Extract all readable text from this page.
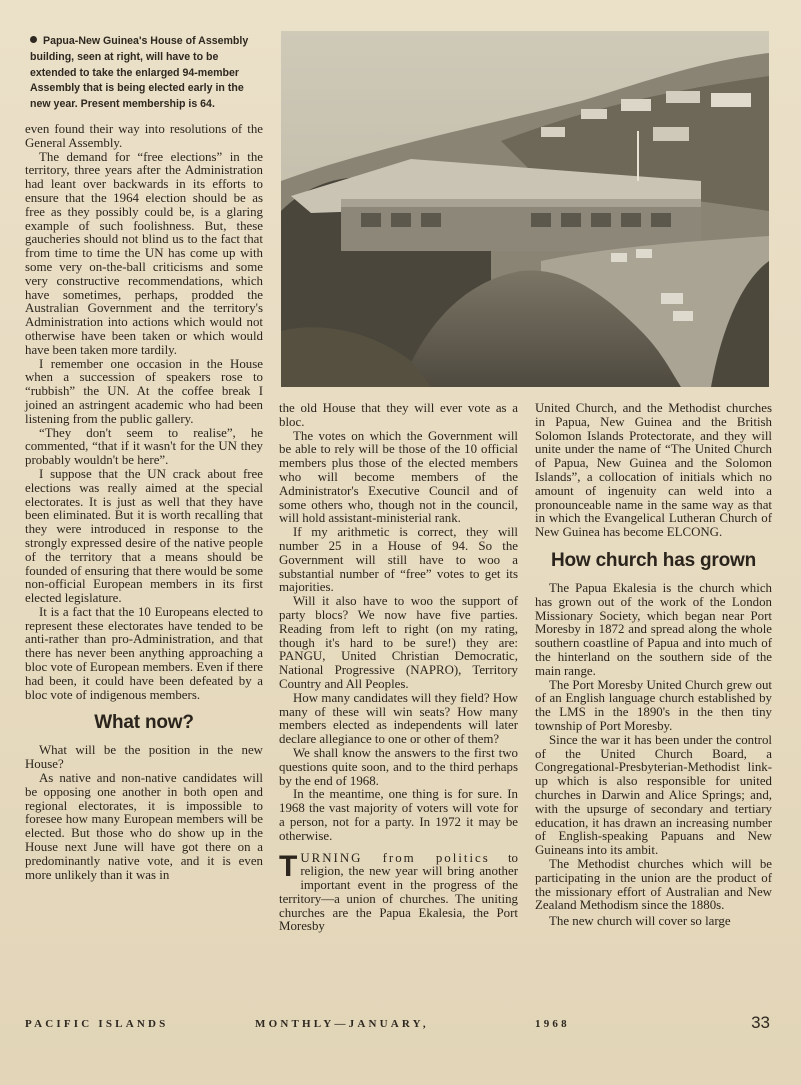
Papua-New Guinea's House of Assembly building, seen at right, will have to be extended to take the enlarged 94-member Assembly that is being elected early in the new year. Present membership is 64.

even found their way into resolutions of the General Assembly.

The demand for “free elections” in the territory, three years after the Administration had leant over backwards in its efforts to ensure that the 1964 election should be as free as they possibly could be, is a glaring example of such foolishness. But, these gaucheries should not blind us to the fact that from time to time the UN has come up with some very on-the-ball criticisms and some very constructive recommendations, which have sometimes, perhaps, prodded the Australian Government and the territory's Administration into actions which would not otherwise have been taken or which would have been taken more tardily.

I remember one occasion in the House when a succession of speakers rose to “rubbish” the UN. At the coffee break I joined an astringent academic who had been listening from the public gallery.

“They don't seem to realise”, he commented, “that if it wasn't for the UN they probably wouldn't be here”.

I suppose that the UN crack about free elections was really aimed at the special electorates. It is just as well that they have been eliminated. But it is worth recalling that they were introduced in response to the strongly expressed desire of the native people of the territory that a means should be founded of ensuring that there would be some non-official European members in its first elected legislature.

It is a fact that the 10 Europeans elected to represent these electorates have tended to be anti-rather than pro-Administration, and that there has never been anything approaching a bloc vote of European members. Even if there had been, it could have been defeated by a bloc vote of indigenous members.

What now?

What will be the position in the new House?

As native and non-native candidates will be opposing one another in both open and regional electorates, it is impossible to foresee how many European members will be elected. But those who do show up in the House next June will have got there on a predominantly native vote, and it is even more unlikely than it was in

the old House that they will ever vote as a bloc.

The votes on which the Government will be able to rely will be those of the 10 official members plus those of the elected members who will become members of the Administrator's Executive Council and of some others who, though not in the council, will hold assistant-ministerial rank.

If my arithmetic is correct, they will number 25 in a House of 94. So the Government will still have to woo a substantial number of “free” votes to get its majorities.

Will it also have to woo the support of party blocs? We now have five parties. Reading from left to right (on my rating, though it's hard to be sure!) they are: PANGU, United Christian Democratic, National Progressive (NAPRO), Territory Country and All Peoples.

How many candidates will they field? How many of these will win seats? How many members elected as independents will later declare allegiance to one or other of them?

We shall know the answers to the first two questions quite soon, and to the third perhaps by the end of 1968.

In the meantime, one thing is for sure. In 1968 the vast majority of voters will vote for a person, not for a party. In 1972 it may be otherwise.

TURNING from politics to religion, the new year will bring another important event in the progress of the territory—a union of churches. The uniting churches are the Papua Ekalesia, the Port Moresby

United Church, and the Methodist churches in Papua, New Guinea and the British Solomon Islands Protectorate, and they will unite under the name of “The United Church of Papua, New Guinea and the Solomon Islands”, a collocation of initials which no amount of ingenuity can weld into a pronounceable name in the same way as that in which the Evangelical Lutheran Church of New Guinea has become ELCONG.

How church has grown

The Papua Ekalesia is the church which has grown out of the work of the London Missionary Society, which began near Port Moresby in 1872 and spread along the whole southern coastline of Papua and into much of the hinterland on the southern side of the main range.

The Port Moresby United Church grew out of an English language church established by the LMS in the 1890's in the then tiny township of Port Moresby.

Since the war it has been under the control of the United Church Board, a Congregational-Presbyterian-Methodist link-up which is also responsible for united churches in Darwin and Alice Springs; and, with the upsurge of secondary and tertiary education, it has drawn an increasing number of English-speaking Papuans and New Guineans into its ambit.

The Methodist churches which will be participating in the union are the product of the missionary effort of Australian and New Zealand Methodism since the 1880s.

The new church will cover so large

PACIFIC ISLANDS	MONTHLY—JANUARY,	1968	33
